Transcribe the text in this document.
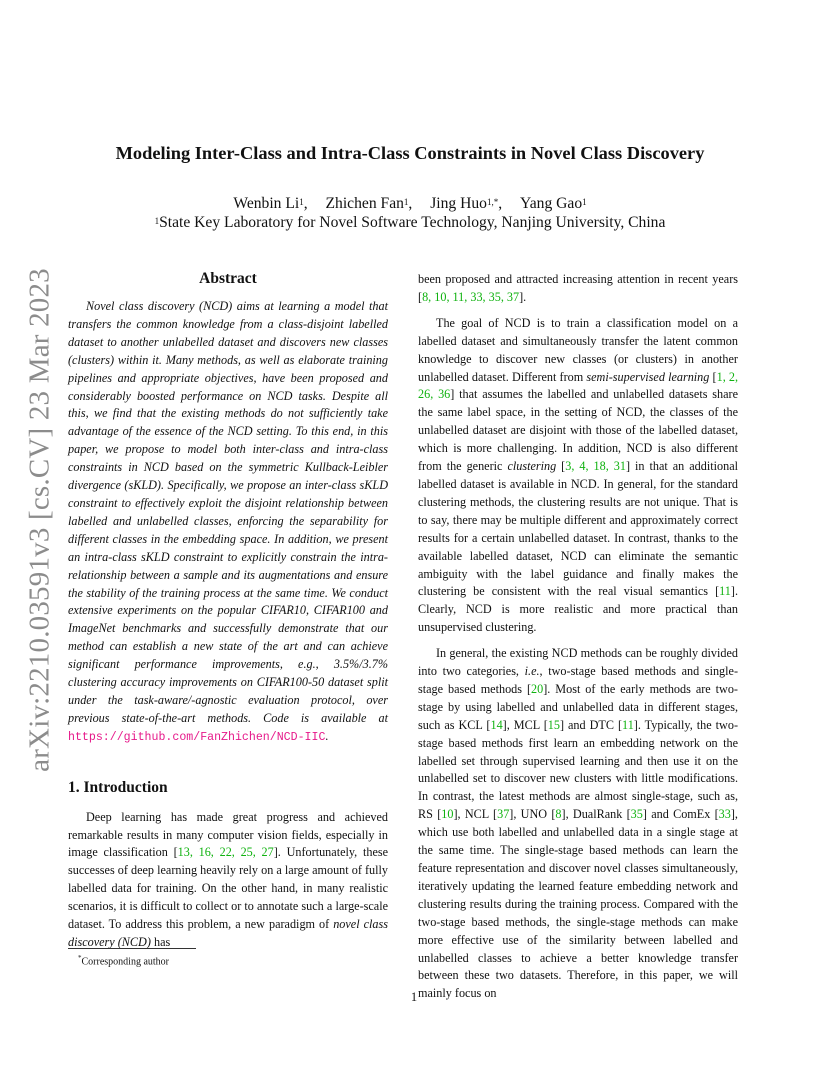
arXiv:2210.03591v3 [cs.CV] 23 Mar 2023
Modeling Inter-Class and Intra-Class Constraints in Novel Class Discovery
Wenbin Li$^1$, Zhichen Fan$^1$, Jing Huo$^{1,*}$, Yang Gao$^1$
$^1$State Key Laboratory for Novel Software Technology, Nanjing University, China
Abstract

Novel class discovery (NCD) aims at learning a model that transfers the common knowledge from a class-disjoint labelled dataset to another unlabelled dataset and discovers new classes (clusters) within it. Many methods, as well as elaborate training pipelines and appropriate objectives, have been proposed and considerably boosted performance on NCD tasks. Despite all this, we find that the existing methods do not sufficiently take advantage of the essence of the NCD setting. To this end, in this paper, we propose to model both inter-class and intra-class constraints in NCD based on the symmetric Kullback-Leibler divergence (sKLD). Specifically, we propose an inter-class sKLD constraint to effectively exploit the disjoint relationship between labelled and unlabelled classes, enforcing the separability for different classes in the embedding space. In addition, we present an intra-class sKLD constraint to explicitly constrain the intra-relationship between a sample and its augmentations and ensure the stability of the training process at the same time. We conduct extensive experiments on the popular CIFAR10, CIFAR100 and ImageNet benchmarks and successfully demonstrate that our method can establish a new state of the art and can achieve significant performance improvements, e.g., 3.5%/3.7% clustering accuracy improvements on CIFAR100-50 dataset split under the task-aware/-agnostic evaluation protocol, over previous state-of-the-art methods. Code is available at https://github.com/FanZhichen/NCD-IIC.

1. Introduction

Deep learning has made great progress and achieved remarkable results in many computer vision fields, especially in image classification [13, 16, 22, 25, 27]. Unfortunately, these successes of deep learning heavily rely on a large amount of fully labelled data for training. On the other hand, in many realistic scenarios, it is difficult to collect or to annotate such a large-scale dataset. To address this problem, a new paradigm of novel class discovery (NCD) has

been proposed and attracted increasing attention in recent years [8, 10, 11, 33, 35, 37].

The goal of NCD is to train a classification model on a labelled dataset and simultaneously transfer the latent common knowledge to discover new classes (or clusters) in another unlabelled dataset. Different from semi-supervised learning [1, 2, 26, 36] that assumes the labelled and unlabelled datasets share the same label space, in the setting of NCD, the classes of the unlabelled dataset are disjoint with those of the labelled dataset, which is more challenging. In addition, NCD is also different from the generic clustering [3, 4, 18, 31] in that an additional labelled dataset is available in NCD. In general, for the standard clustering methods, the clustering results are not unique. That is to say, there may be multiple different and approximately correct results for a certain unlabelled dataset. In contrast, thanks to the available labelled dataset, NCD can eliminate the semantic ambiguity with the label guidance and finally makes the clustering be consistent with the real visual semantics [11]. Clearly, NCD is more realistic and more practical than unsupervised clustering.

In general, the existing NCD methods can be roughly divided into two categories, i.e., two-stage based methods and single-stage based methods [20]. Most of the early methods are two-stage by using labelled and unlabelled data in different stages, such as KCL [14], MCL [15] and DTC [11]. Typically, the two-stage based methods first learn an embedding network on the labelled set through supervised learning and then use it on the unlabelled set to discover new clusters with little modifications. In contrast, the latest methods are almost single-stage, such as, RS [10], NCL [37], UNO [8], DualRank [35] and ComEx [33], which use both labelled and unlabelled data in a single stage at the same time. The single-stage based methods can learn the feature representation and discover novel classes simultaneously, iteratively updating the learned feature embedding network and clustering results during the training process. Compared with the two-stage based methods, the single-stage methods can make more effective use of the similarity between labelled and unlabelled classes to achieve a better knowledge transfer between these two datasets. Therefore, in this paper, we will mainly focus on

*Corresponding author
1
